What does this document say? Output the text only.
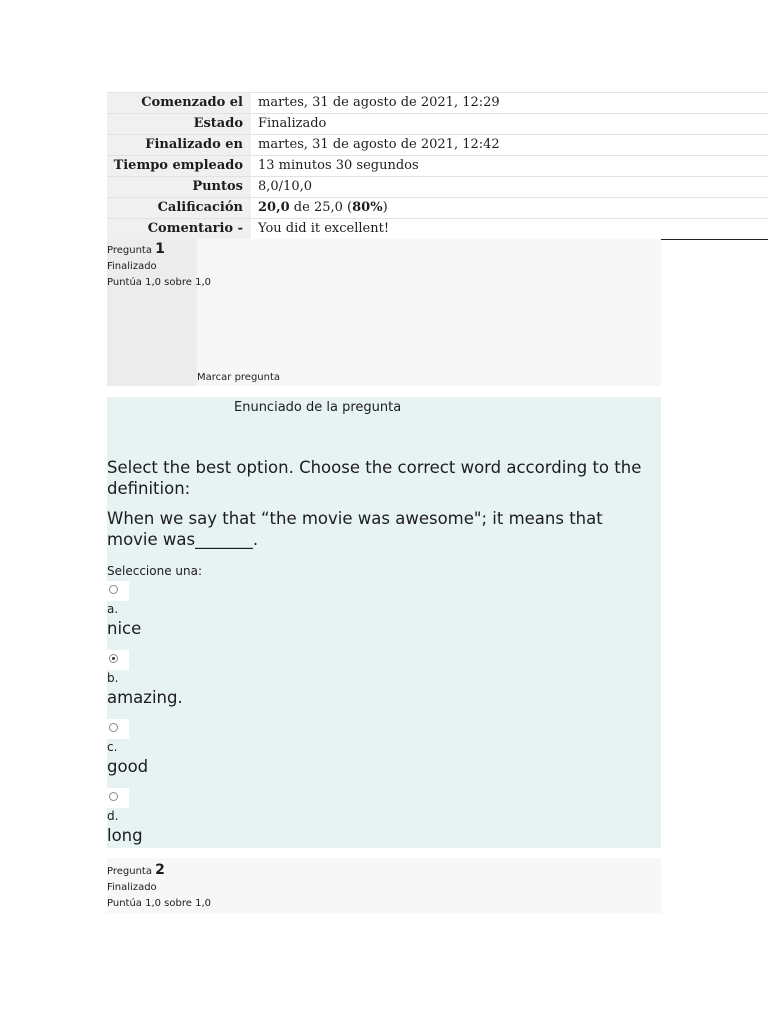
Comenzado el	martes, 31 de agosto de 2021, 12:29
Estado	Finalizado
Finalizado en	martes, 31 de agosto de 2021, 12:42
Tiempo empleado	13 minutos 30 segundos
Puntos	8,0/10,0
Calificación	20,0 de 25,0 (80%)
Comentario -	You did it excellent!
Pregunta 1
Finalizado
Puntúa 1,0 sobre 1,0
Marcar pregunta
Enunciado de la pregunta
Select the best option. Choose the correct word according to the definition:
When we say that “the movie was awesome"; it means that movie was_______.
Seleccione una:
a.
nice
b.
amazing.
c.
good
d.
long
Pregunta 2
Finalizado
Puntúa 1,0 sobre 1,0
